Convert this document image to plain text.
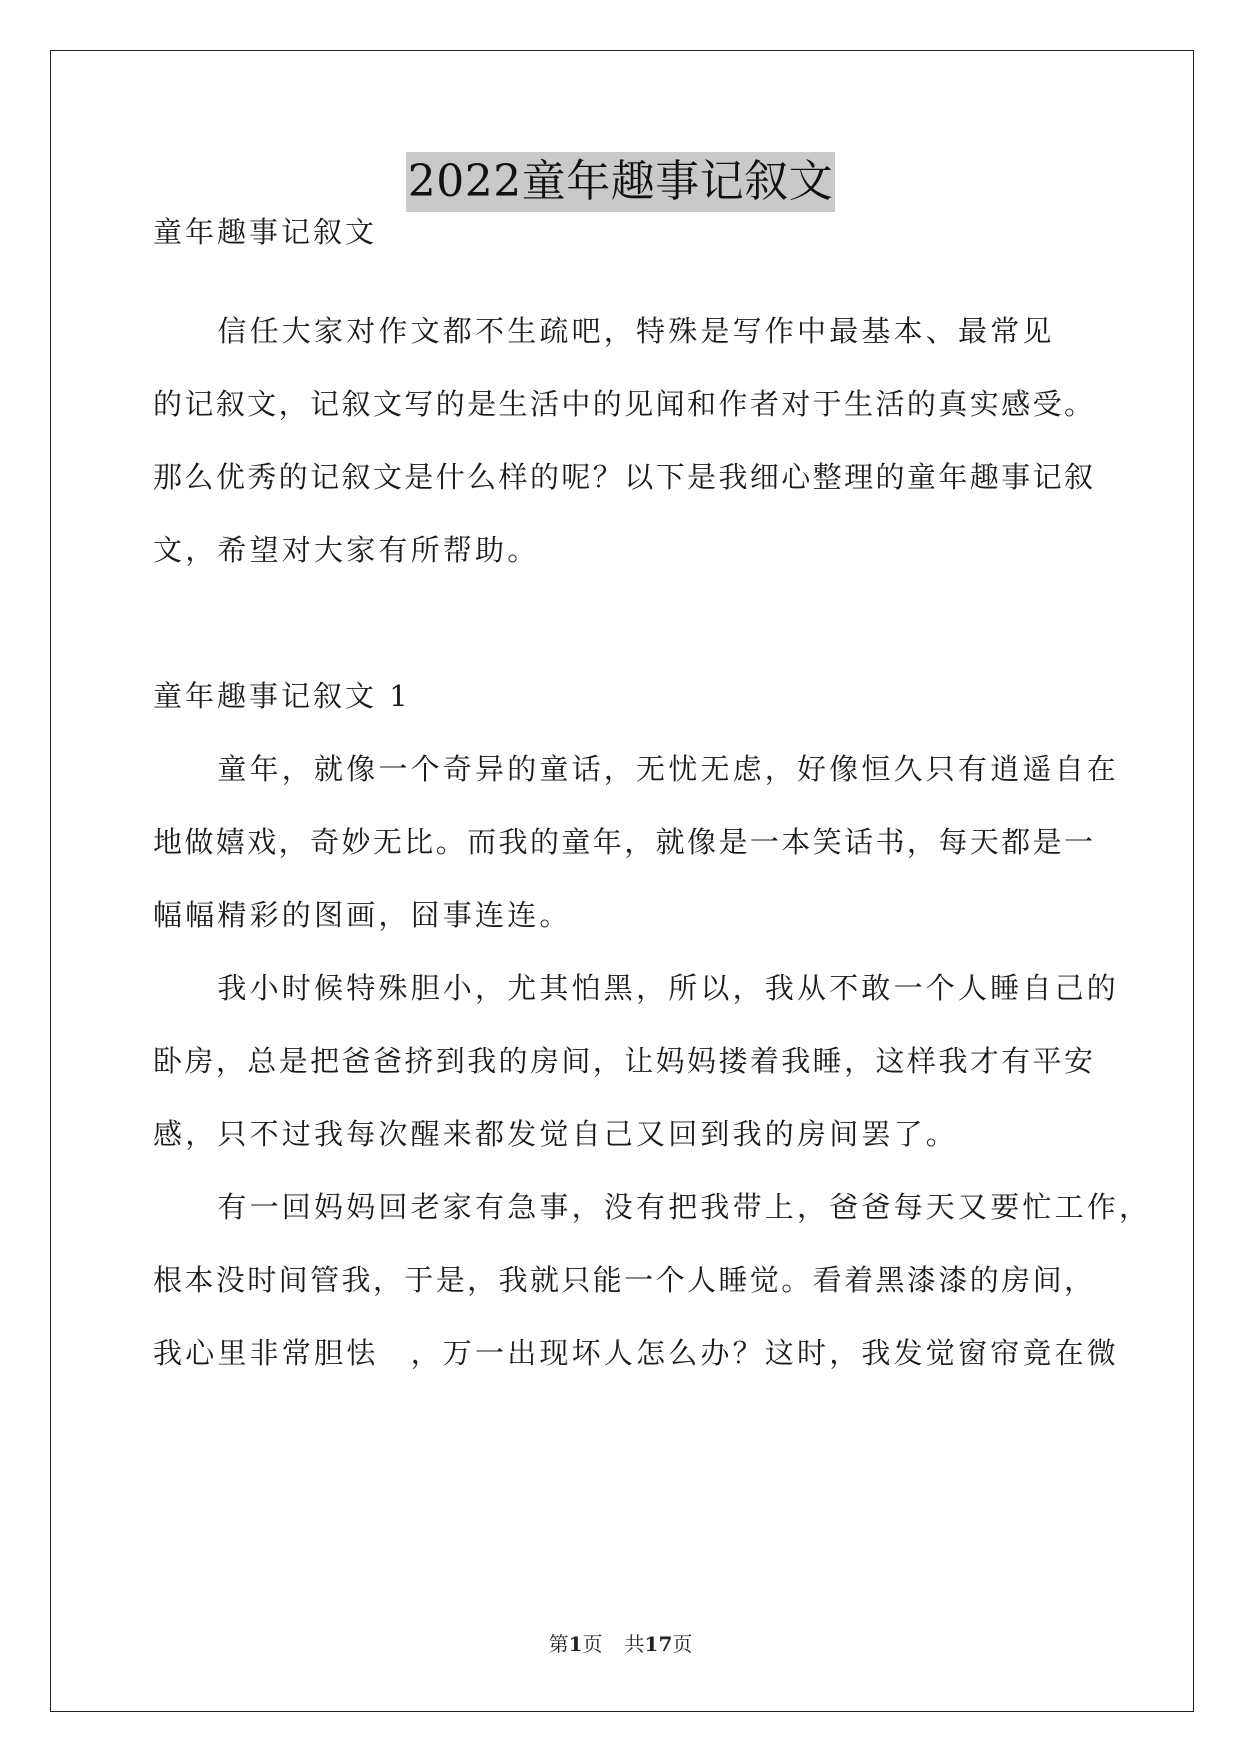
2022童年趣事记叙文
童年趣事记叙文
　　信任大家对作文都不生疏吧，特殊是写作中最基本、最常见
的记叙文，记叙文写的是生活中的见闻和作者对于生活的真实感受。
那么优秀的记叙文是什么样的呢？以下是我细心整理的童年趣事记叙
文，希望对大家有所帮助。
童年趣事记叙文 1
　　童年，就像一个奇异的童话，无忧无虑，好像恒久只有逍遥自在
地做嬉戏，奇妙无比。而我的童年，就像是一本笑话书，每天都是一
幅幅精彩的图画，囧事连连。
　　我小时候特殊胆小，尤其怕黑，所以，我从不敢一个人睡自己的
卧房，总是把爸爸挤到我的房间，让妈妈搂着我睡，这样我才有平安
感，只不过我每次醒来都发觉自己又回到我的房间罢了。
　　有一回妈妈回老家有急事，没有把我带上，爸爸每天又要忙工作，
根本没时间管我，于是，我就只能一个人睡觉。看着黑漆漆的房间，
我心里非常胆怯　，万一出现坏人怎么办？这时，我发觉窗帘竟在微
第1页 共17页
